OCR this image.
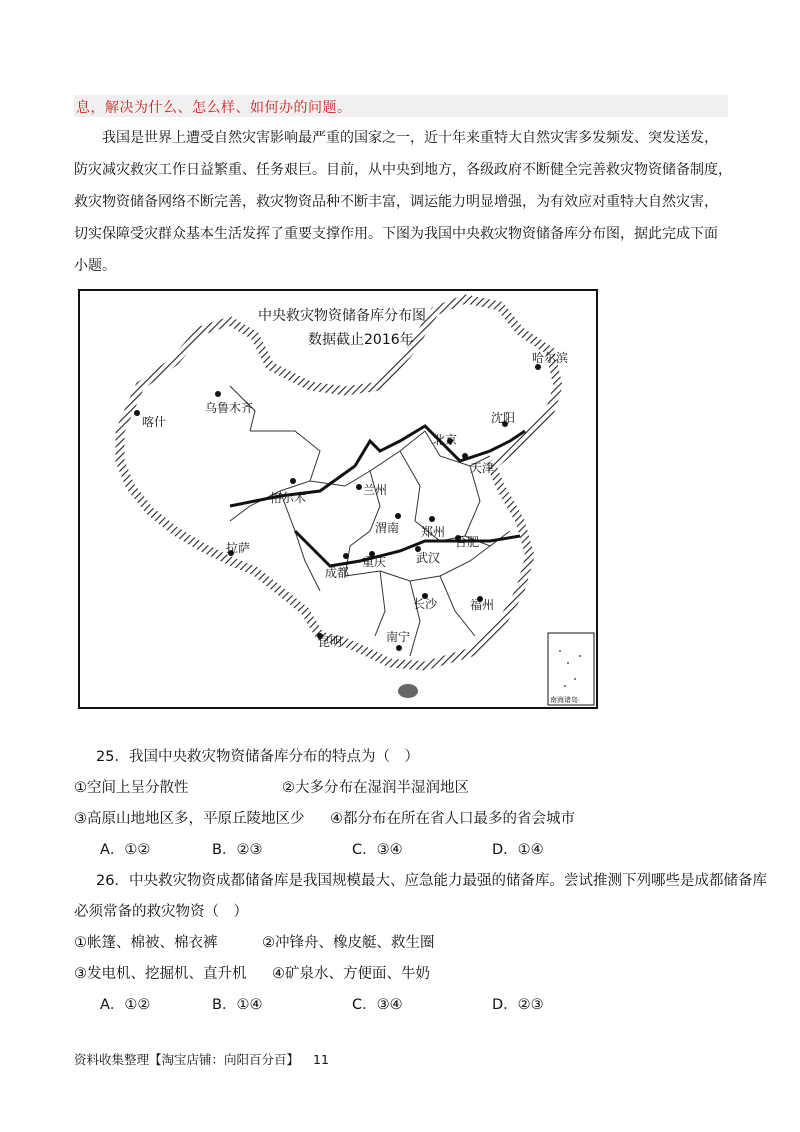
息，解决为什么、怎么样、如何办的问题。
我国是世界上遭受自然灾害影响最严重的国家之一，近十年来重特大自然灾害多发频发、突发送发，
防灾减灾救灾工作日益繁重、任务艰巨。目前，从中央到地方，各级政府不断健全完善救灾物资储备制度，
救灾物资储备网络不断完善，救灾物资品种不断丰富，调运能力明显增强，为有效应对重特大自然灾害，
切实保障受灾群众基本生活发挥了重要支撑作用。下图为我国中央救灾物资储备库分布图，据此完成下面
小题。
中央救灾物资储备库分布图
数据截止2016年
南海诸岛
哈尔滨
乌鲁木齐
喀什	沈阳
北京
天津
兰州
格尔木
渭南 郑州
合肥
拉萨
成都
重庆 武汉
长沙	福州
昆明	南宁
25．我国中央救灾物资储备库分布的特点为（　）
①空间上呈分散性	②大多分布在湿润半湿润地区
③高原山地地区多，平原丘陵地区少 ④都分布在所在省人口最多的省会城市
A．①②	B．②③	C．③④	D．①④
26．中央救灾物资成都储备库是我国规模最大、应急能力最强的储备库。尝试推测下列哪些是成都储备库
必须常备的救灾物资（　）
①帐篷、棉被、棉衣裤	②冲锋舟、橡皮艇、救生圈
③发电机、挖掘机、直升机 ④矿泉水、方便面、牛奶
A．①②	B．①④	C．③④	D．②③
资料收集整理【淘宝店铺：向阳百分百】 11
